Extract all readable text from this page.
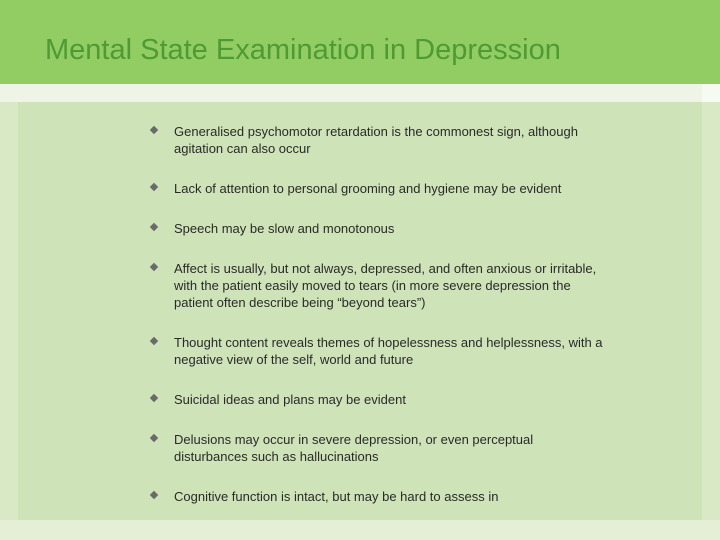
Mental State Examination in Depression
Generalised psychomotor retardation is the commonest sign, although agitation can also occur
Lack of attention to personal grooming and hygiene may be evident
Speech may be slow and monotonous
Affect is usually, but not always, depressed, and often anxious or irritable, with the patient easily moved to tears (in more severe depression the patient often describe being “beyond tears”)
Thought content reveals themes of hopelessness and helplessness, with a negative view of the self, world and future
Suicidal ideas and plans may be evident
Delusions may occur in severe depression, or even perceptual disturbances such as hallucinations
Cognitive function is intact, but may be hard to assess in
